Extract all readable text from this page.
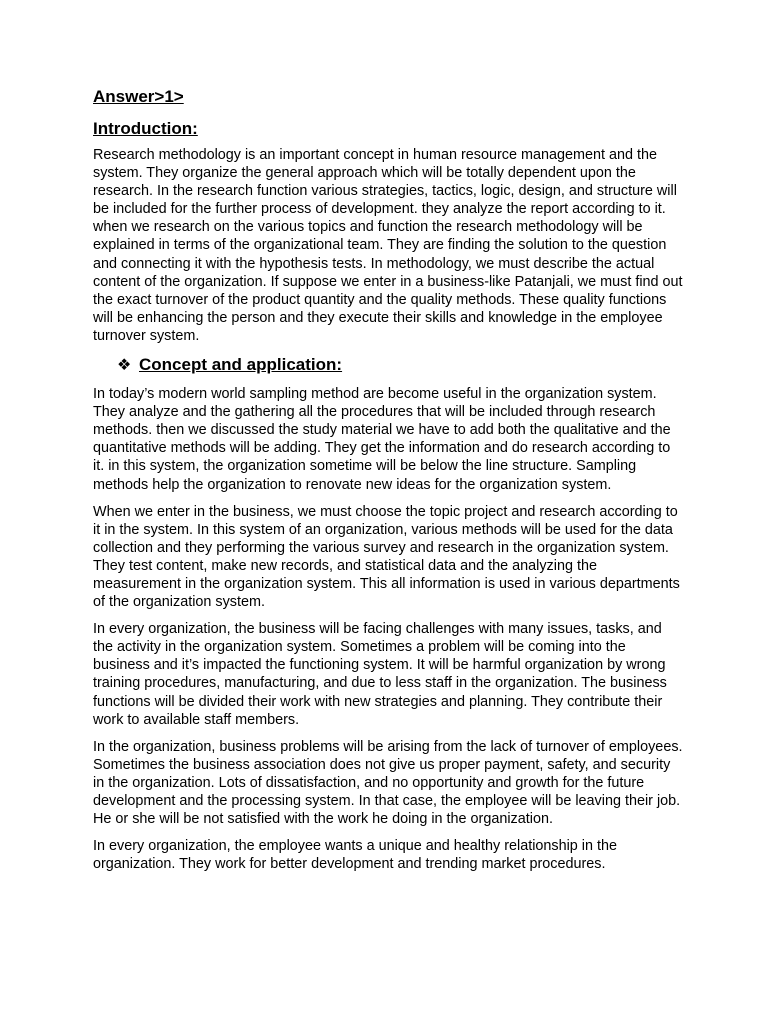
Answer>1>
Introduction:

Research methodology is an important concept in human resource management and the system. They organize the general approach which will be totally dependent upon the research. In the research function various strategies, tactics, logic, design, and structure will be included for the further process of development. they analyze the report according to it. when we research on the various topics and function the research methodology will be explained in terms of the organizational team. They are finding the solution to the question and connecting it with the hypothesis tests. In methodology, we must describe the actual content of the organization. If suppose we enter in a business-like Patanjali, we must find out the exact turnover of the product quantity and the quality methods. These quality functions will be enhancing the person and they execute their skills and knowledge in the employee turnover system.

❖ Concept and application:

In today’s modern world sampling method are become useful in the organization system. They analyze and the gathering all the procedures that will be included through research methods. then we discussed the study material we have to add both the qualitative and the quantitative methods will be adding. They get the information and do research according to it. in this system, the organization sometime will be below the line structure. Sampling methods help the organization to renovate new ideas for the organization system.

When we enter in the business, we must choose the topic project and research according to it in the system. In this system of an organization, various methods will be used for the data collection and they performing the various survey and research in the organization system. They test content, make new records, and statistical data and the analyzing the measurement in the organization system. This all information is used in various departments of the organization system.

In every organization, the business will be facing challenges with many issues, tasks, and the activity in the organization system. Sometimes a problem will be coming into the business and it’s impacted the functioning system. It will be harmful organization by wrong training procedures, manufacturing, and due to less staff in the organization. The business functions will be divided their work with new strategies and planning. They contribute their work to available staff members.

In the organization, business problems will be arising from the lack of turnover of employees. Sometimes the business association does not give us proper payment, safety, and security in the organization. Lots of dissatisfaction, and no opportunity and growth for the future development and the processing system. In that case, the employee will be leaving their job. He or she will be not satisfied with the work he doing in the organization.

In every organization, the employee wants a unique and healthy relationship in the organization. They work for better development and trending market procedures.
